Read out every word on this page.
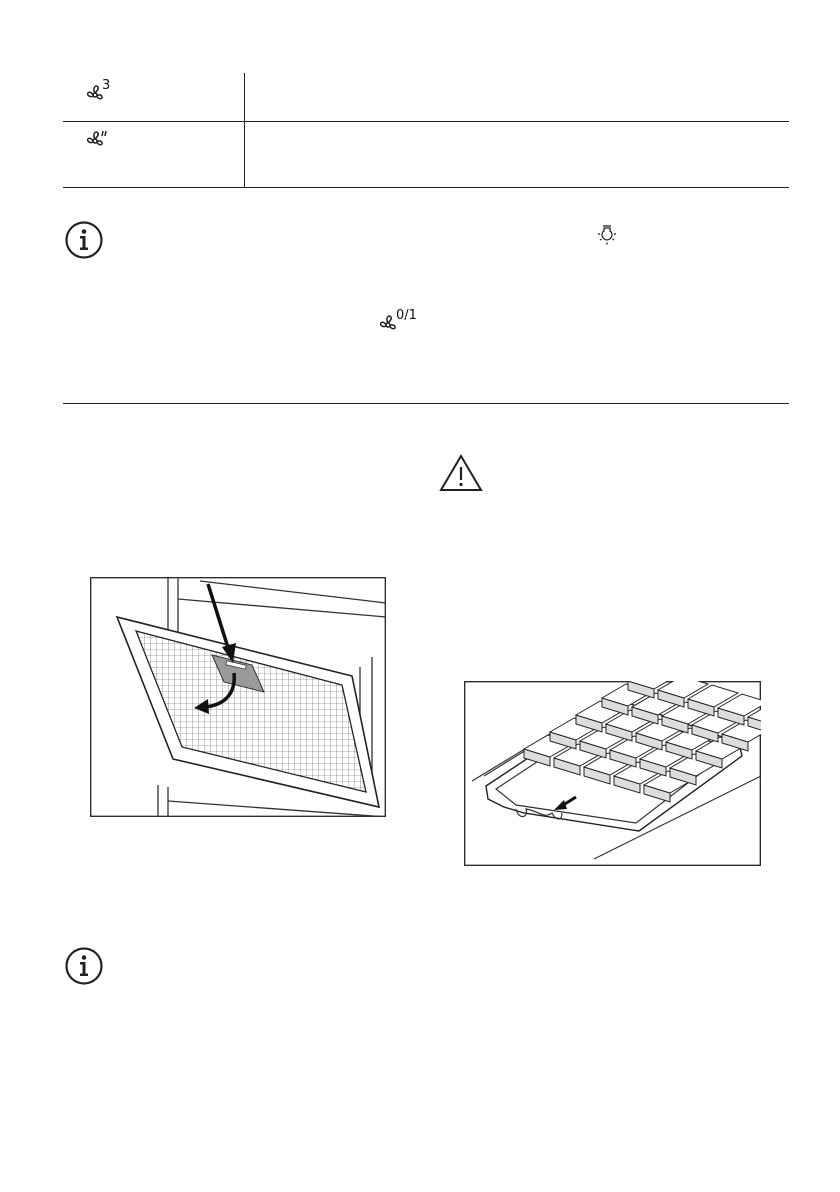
3
0/1
